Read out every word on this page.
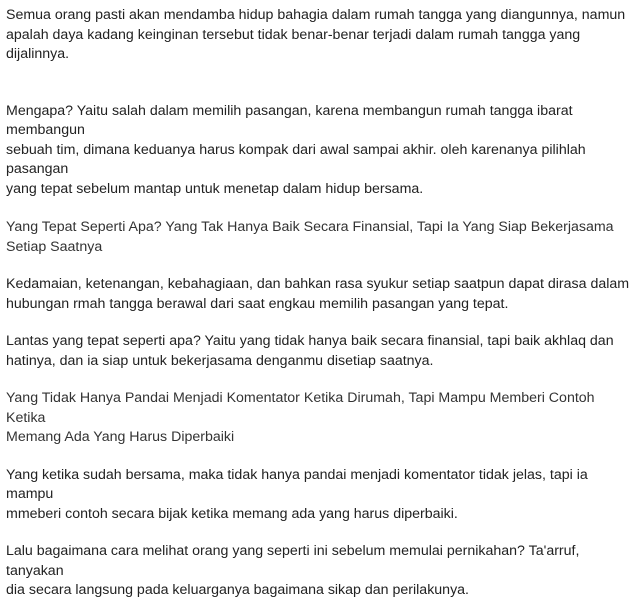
Semua orang pasti akan mendamba hidup bahagia dalam rumah tangga yang diangunnya, namun
apalah daya kadang keinginan tersebut tidak benar-benar terjadi dalam rumah tangga yang dijalinnya.

Mengapa? Yaitu salah dalam memilih pasangan, karena membangun rumah tangga ibarat membangun
sebuah tim, dimana keduanya harus kompak dari awal sampai akhir. oleh karenanya pilihlah pasangan
yang tepat sebelum mantap untuk menetap dalam hidup bersama.

Yang Tepat Seperti Apa? Yang Tak Hanya Baik Secara Finansial, Tapi Ia Yang Siap Bekerjasama
Setiap Saatnya

Kedamaian, ketenangan, kebahagiaan, dan bahkan rasa syukur setiap saatpun dapat dirasa dalam
hubungan rmah tangga berawal dari saat engkau memilih pasangan yang tepat.

Lantas yang tepat seperti apa? Yaitu yang tidak hanya baik secara finansial, tapi baik akhlaq dan
hatinya, dan ia siap untuk bekerjasama denganmu disetiap saatnya.

Yang Tidak Hanya Pandai Menjadi Komentator Ketika Dirumah, Tapi Mampu Memberi Contoh Ketika
Memang Ada Yang Harus Diperbaiki

Yang ketika sudah bersama, maka tidak hanya pandai menjadi komentator tidak jelas, tapi ia mampu
mmeberi contoh secara bijak ketika memang ada yang harus diperbaiki.

Lalu bagaimana cara melihat orang yang seperti ini sebelum memulai pernikahan? Ta'arruf, tanyakan
dia secara langsung pada keluarganya bagaimana sikap dan perilakunya.
